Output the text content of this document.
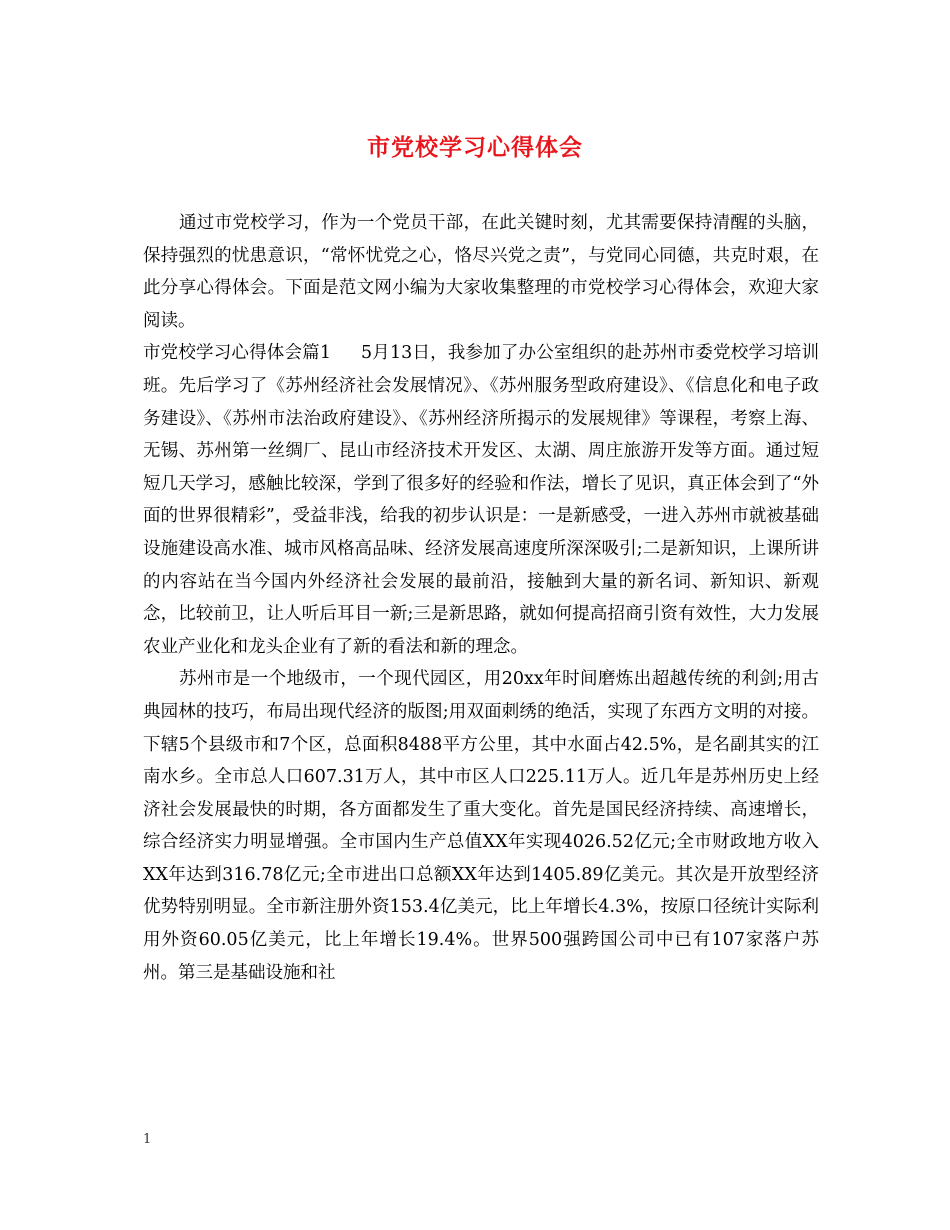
市党校学习心得体会

通过市党校学习，作为一个党员干部，在此关键时刻，尤其需要保持清醒的头脑，保持强烈的忧患意识，“常怀忧党之心，恪尽兴党之责”，与党同心同德，共克时艰，在此分享心得体会。下面是范文网小编为大家收集整理的市党校学习心得体会，欢迎大家阅读。

市党校学习心得体会篇1 5月13日，我参加了办公室组织的赴苏州市委党校学习培训班。先后学习了《苏州经济社会发展情况》、《苏州服务型政府建设》、《信息化和电子政务建设》、《苏州市法治政府建设》、《苏州经济所揭示的发展规律》等课程，考察上海、无锡、苏州第一丝绸厂、昆山市经济技术开发区、太湖、周庄旅游开发等方面。通过短短几天学习，感触比较深，学到了很多好的经验和作法，增长了见识，真正体会到了“外面的世界很精彩”，受益非浅，给我的初步认识是：一是新感受，一进入苏州市就被基础设施建设高水准、城市风格高品味、经济发展高速度所深深吸引;二是新知识，上课所讲的内容站在当今国内外经济社会发展的最前沿，接触到大量的新名词、新知识、新观念，比较前卫，让人听后耳目一新;三是新思路，就如何提高招商引资有效性，大力发展农业产业化和龙头企业有了新的看法和新的理念。

苏州市是一个地级市，一个现代园区，用20xx年时间磨炼出超越传统的利剑;用古典园林的技巧，布局出现代经济的版图;用双面刺绣的绝活，实现了东西方文明的对接。下辖5个县级市和7个区，总面积8488平方公里，其中水面占42.5%，是名副其实的江南水乡。全市总人口607.31万人，其中市区人口225.11万人。近几年是苏州历史上经济社会发展最快的时期，各方面都发生了重大变化。首先是国民经济持续、高速增长，综合经济实力明显增强。全市国内生产总值XX年实现4026.52亿元;全市财政地方收入XX年达到316.78亿元;全市进出口总额XX年达到1405.89亿美元。其次是开放型经济优势特别明显。全市新注册外资153.4亿美元，比上年增长4.3%，按原口径统计实际利用外资60.05亿美元，比上年增长19.4%。世界500强跨国公司中已有107家落户苏州。第三是基础设施和社

1
